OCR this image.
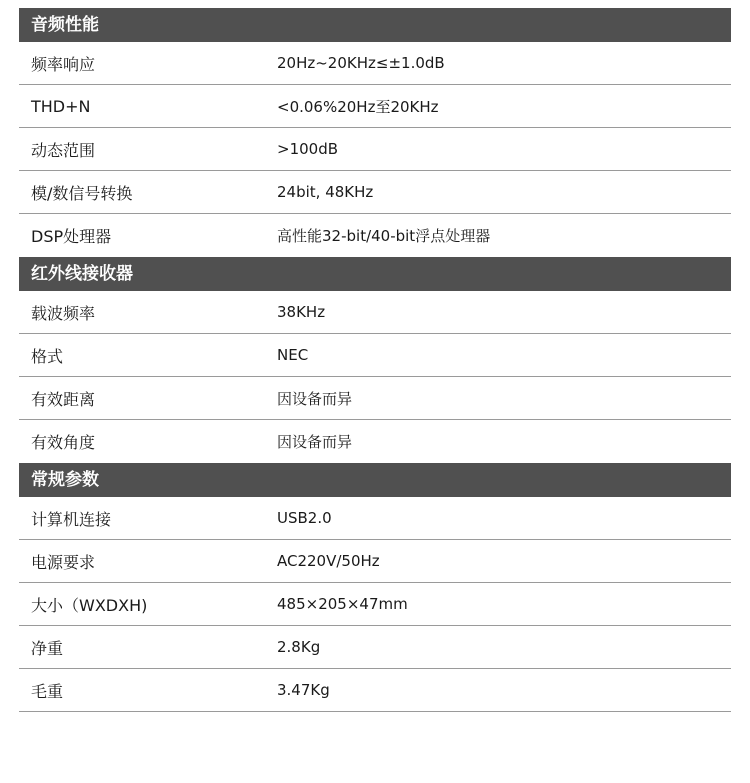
音频性能
频率响应	20Hz~20KHz≤±1.0dB
THD+N	<0.06%20Hz至20KHz
动态范围	>100dB
模/数信号转换	24bit, 48KHz
DSP处理器	高性能32-bit/40-bit浮点处理器
红外线接收器
载波频率	38KHz
格式	NEC
有效距离	因设备而异
有效角度	因设备而异
常规参数
计算机连接	USB2.0
电源要求	AC220V/50Hz
大小（WXDXH)	485×205×47mm
净重	2.8Kg
毛重	3.47Kg
